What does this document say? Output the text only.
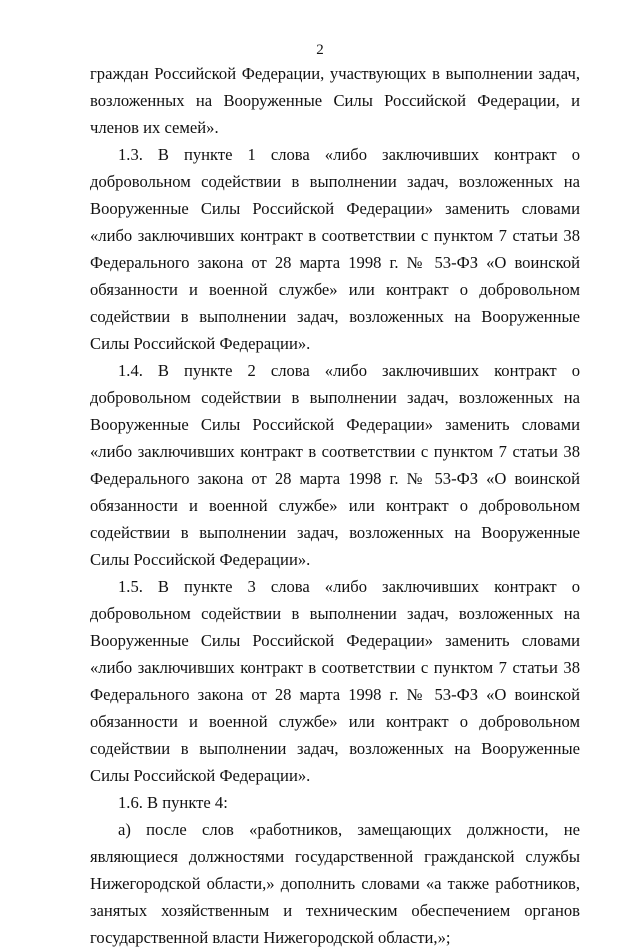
2

граждан Российской Федерации, участвующих в выполнении задач, возложенных на Вооруженные Силы Российской Федерации, и членов их семей».

1.3. В пункте 1 слова «либо заключивших контракт о добровольном содействии в выполнении задач, возложенных на Вооруженные Силы Российской Федерации» заменить словами «либо заключивших контракт в соответствии с пунктом 7 статьи 38 Федерального закона от 28 марта 1998 г. № 53-ФЗ «О воинской обязанности и военной службе» или контракт о добровольном содействии в выполнении задач, возложенных на Вооруженные Силы Российской Федерации».

1.4. В пункте 2 слова «либо заключивших контракт о добровольном содействии в выполнении задач, возложенных на Вооруженные Силы Российской Федерации» заменить словами «либо заключивших контракт в соответствии с пунктом 7 статьи 38 Федерального закона от 28 марта 1998 г. № 53-ФЗ «О воинской обязанности и военной службе» или контракт о добровольном содействии в выполнении задач, возложенных на Вооруженные Силы Российской Федерации».

1.5. В пункте 3 слова «либо заключивших контракт о добровольном содействии в выполнении задач, возложенных на Вооруженные Силы Российской Федерации» заменить словами «либо заключивших контракт в соответствии с пунктом 7 статьи 38 Федерального закона от 28 марта 1998 г. № 53-ФЗ «О воинской обязанности и военной службе» или контракт о добровольном содействии в выполнении задач, возложенных на Вооруженные Силы Российской Федерации».

1.6. В пункте 4:

а) после слов «работников, замещающих должности, не являющиеся должностями государственной гражданской службы Нижегородской области,» дополнить словами «а также работников, занятых хозяйственным и техническим обеспечением органов государственной власти Нижегородской области,»;
